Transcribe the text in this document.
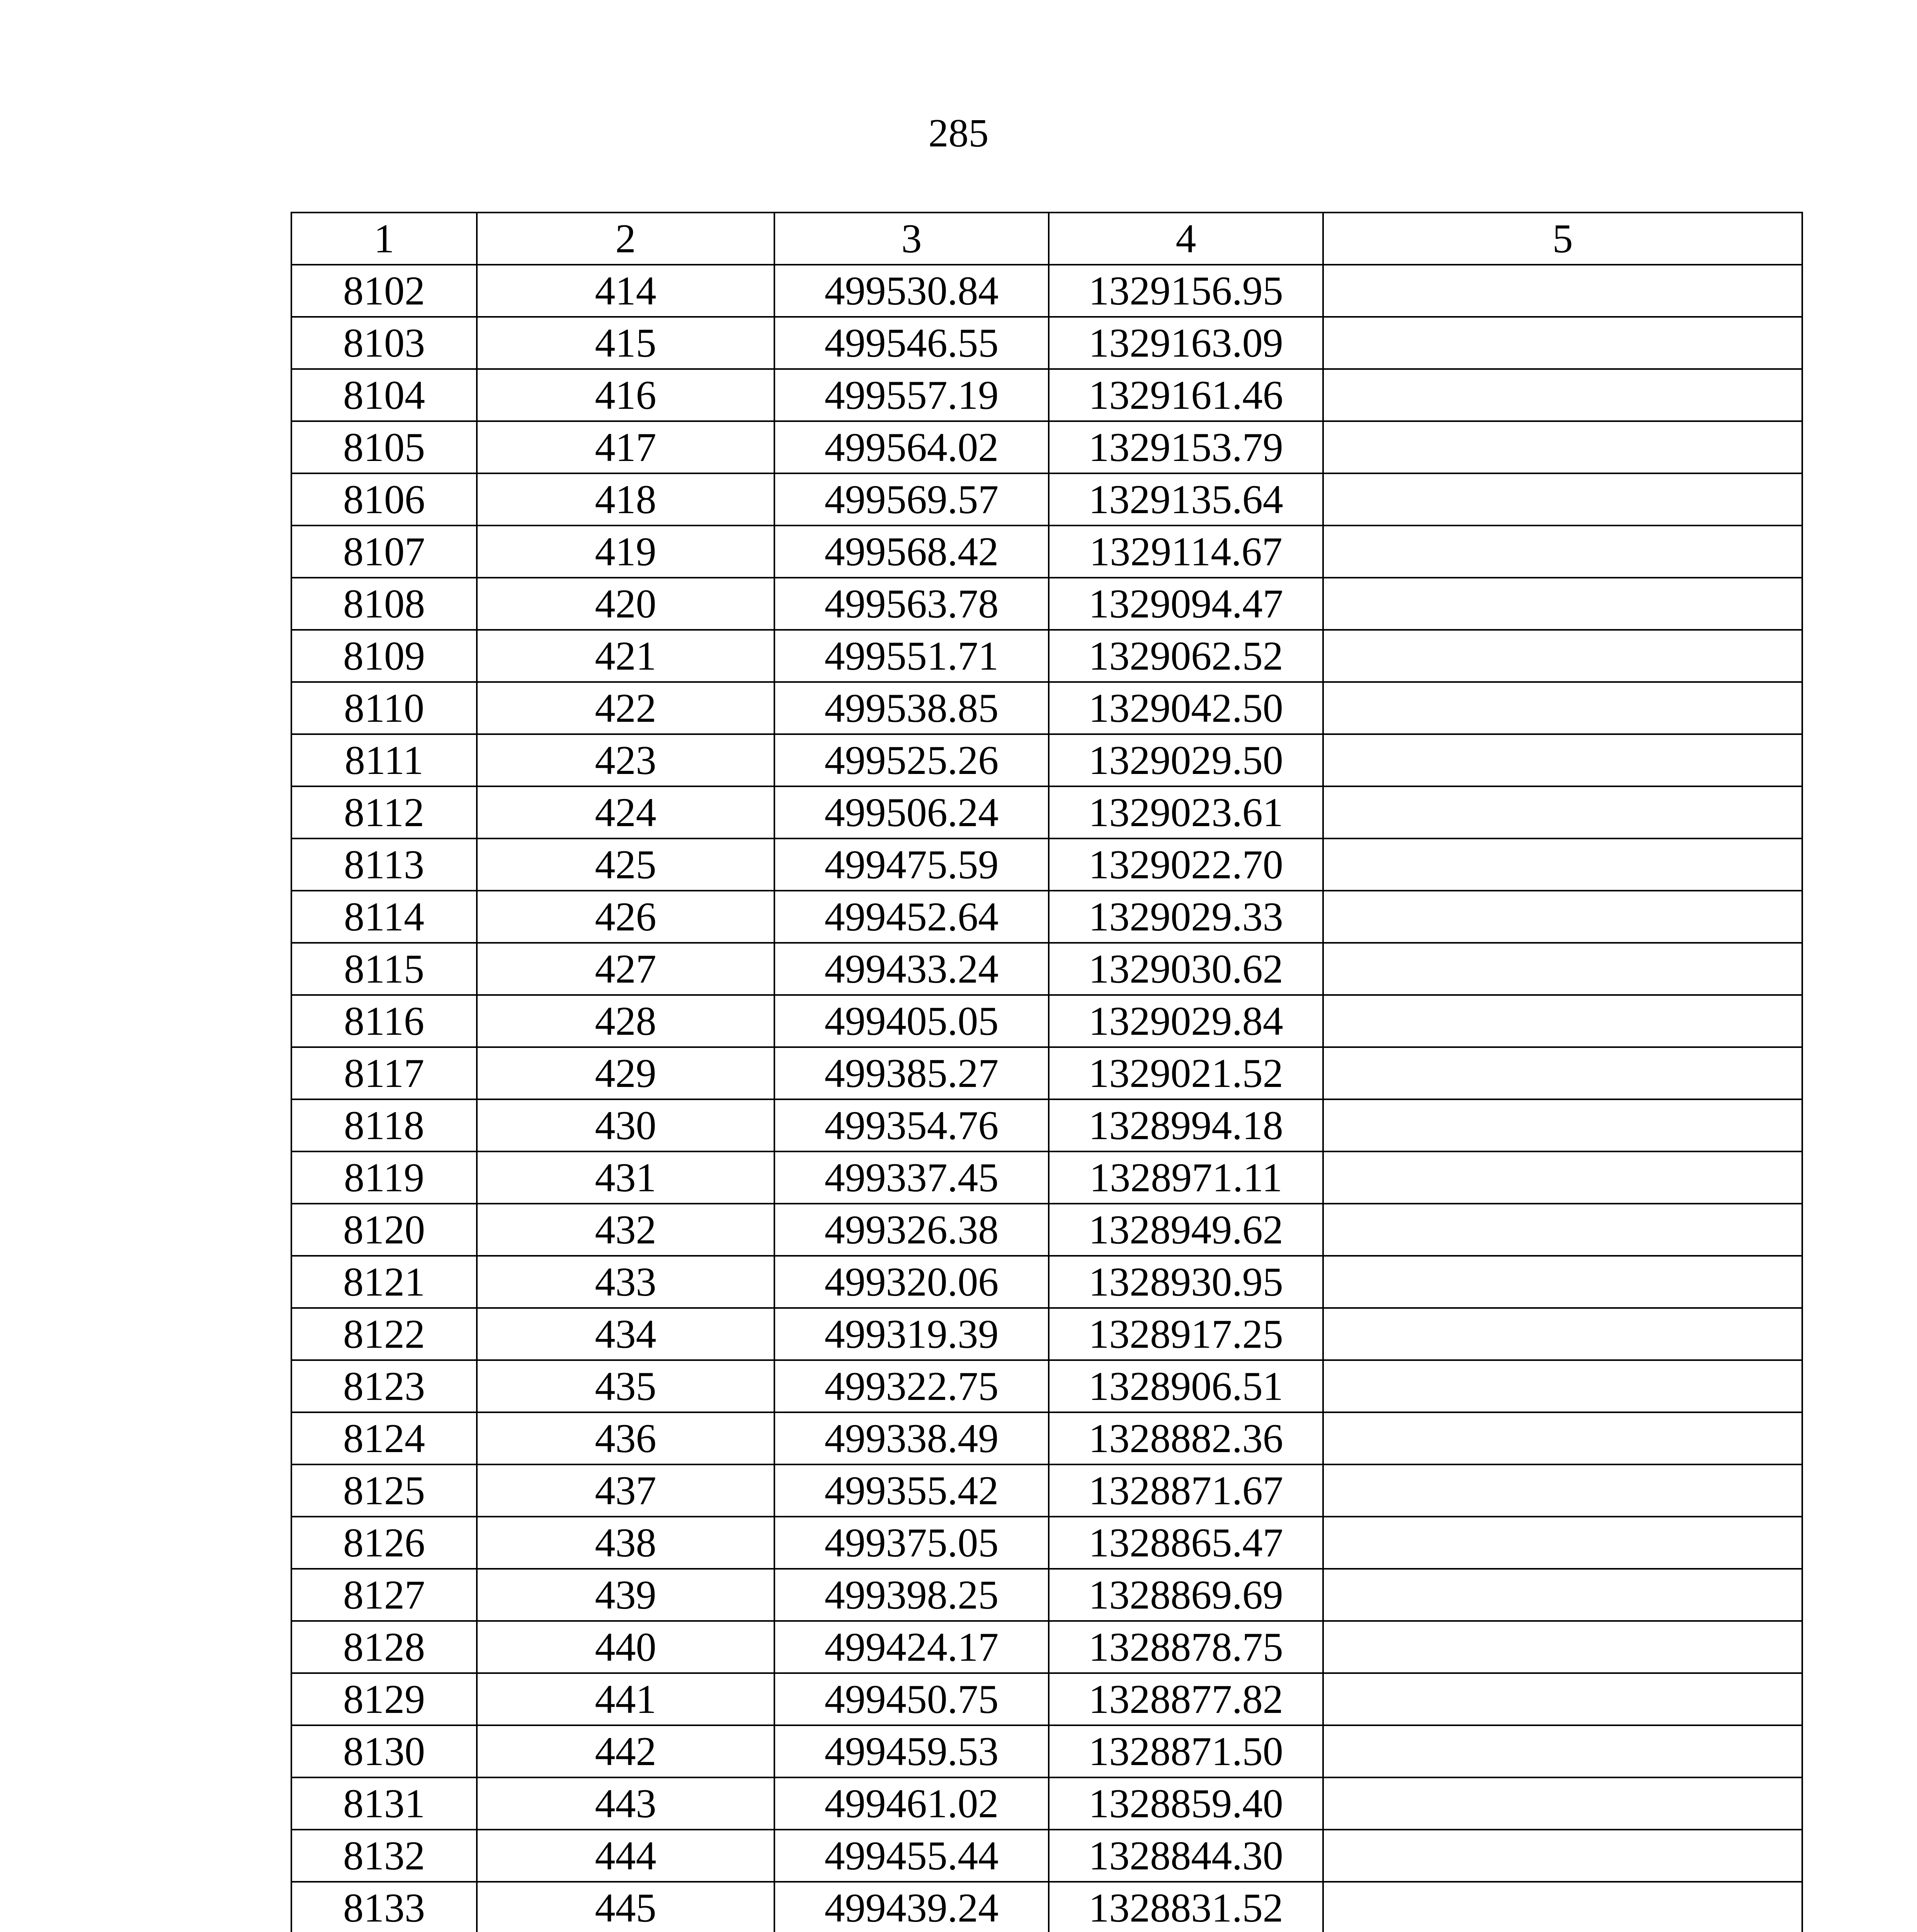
285
1	2	3	4	5
8102	414	499530.84	1329156.95	
8103	415	499546.55	1329163.09	
8104	416	499557.19	1329161.46	
8105	417	499564.02	1329153.79	
8106	418	499569.57	1329135.64	
8107	419	499568.42	1329114.67	
8108	420	499563.78	1329094.47	
8109	421	499551.71	1329062.52	
8110	422	499538.85	1329042.50	
8111	423	499525.26	1329029.50	
8112	424	499506.24	1329023.61	
8113	425	499475.59	1329022.70	
8114	426	499452.64	1329029.33	
8115	427	499433.24	1329030.62	
8116	428	499405.05	1329029.84	
8117	429	499385.27	1329021.52	
8118	430	499354.76	1328994.18	
8119	431	499337.45	1328971.11	
8120	432	499326.38	1328949.62	
8121	433	499320.06	1328930.95	
8122	434	499319.39	1328917.25	
8123	435	499322.75	1328906.51	
8124	436	499338.49	1328882.36	
8125	437	499355.42	1328871.67	
8126	438	499375.05	1328865.47	
8127	439	499398.25	1328869.69	
8128	440	499424.17	1328878.75	
8129	441	499450.75	1328877.82	
8130	442	499459.53	1328871.50	
8131	443	499461.02	1328859.40	
8132	444	499455.44	1328844.30	
8133	445	499439.24	1328831.52	
